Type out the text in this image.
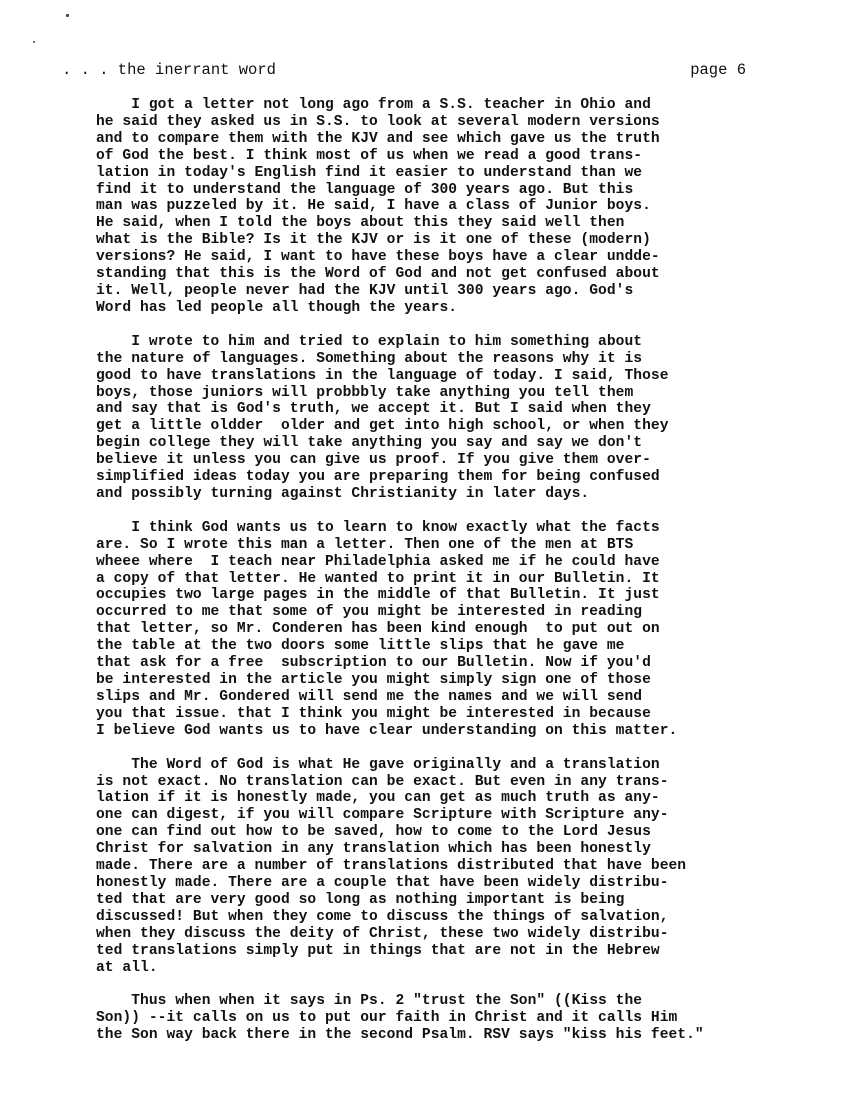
. . . the inerrant word	page 6
I got a letter not long ago from a S.S. teacher in Ohio and
he said they asked us in S.S. to look at several modern versions
and to compare them with the KJV and see which gave us the truth
of God the best. I think most of us when we read a good trans-
lation in today's English find it easier to understand than we
find it to understand the language of 300 years ago. But this
man was puzzeled by it. He said, I have a class of Junior boys.
He said, when I told the boys about this they said well then
what is the Bible? Is it the KJV or is it one of these (modern)
versions? He said, I want to have these boys have a clear undde-
standing that this is the Word of God and not get confused about
it. Well, people never had the KJV until 300 years ago. God's
Word has led people all though the years.
I wrote to him and tried to explain to him something about
the nature of languages. Something about the reasons why it is
good to have translations in the language of today. I said, Those
boys, those juniors will probbbly take anything you tell them
and say that is God's truth, we accept it. But I said when they
get a little oldder  older and get into high school, or when they
begin college they will take anything you say and say we don't
believe it unless you can give us proof. If you give them over-
simplified ideas today you are preparing them for being confused
and possibly turning against Christianity in later days.
I think God wants us to learn to know exactly what the facts
are. So I wrote this man a letter. Then one of the men at BTS
wheee where  I teach near Philadelphia asked me if he could have
a copy of that letter. He wanted to print it in our Bulletin. It
occupies two large pages in the middle of that Bulletin. It just
occurred to me that some of you might be interested in reading
that letter, so Mr. Conderen has been kind enough  to put out on
the table at the two doors some little slips that he gave me
that ask for a free  subscription to our Bulletin. Now if you'd
be interested in the article you might simply sign one of those
slips and Mr. Gondered will send me the names and we will send
you that issue. that I think you might be interested in because
I believe God wants us to have clear understanding on this matter.
The Word of God is what He gave originally and a translation
is not exact. No translation can be exact. But even in any trans-
lation if it is honestly made, you can get as much truth as any-
one can digest, if you will compare Scripture with Scripture any-
one can find out how to be saved, how to come to the Lord Jesus
Christ for salvation in any translation which has been honestly
made. There are a number of translations distributed that have been
honestly made. There are a couple that have been widely distribu-
ted that are very good so long as nothing important is being
discussed! But when they come to discuss the things of salvation,
when they discuss the deity of Christ, these two widely distribu-
ted translations simply put in things that are not in the Hebrew
at all.
Thus when when it says in Ps. 2 "trust the Son" ((Kiss the
Son)) --it calls on us to put our faith in Christ and it calls Him
the Son way back there in the second Psalm. RSV says "kiss his feet."
